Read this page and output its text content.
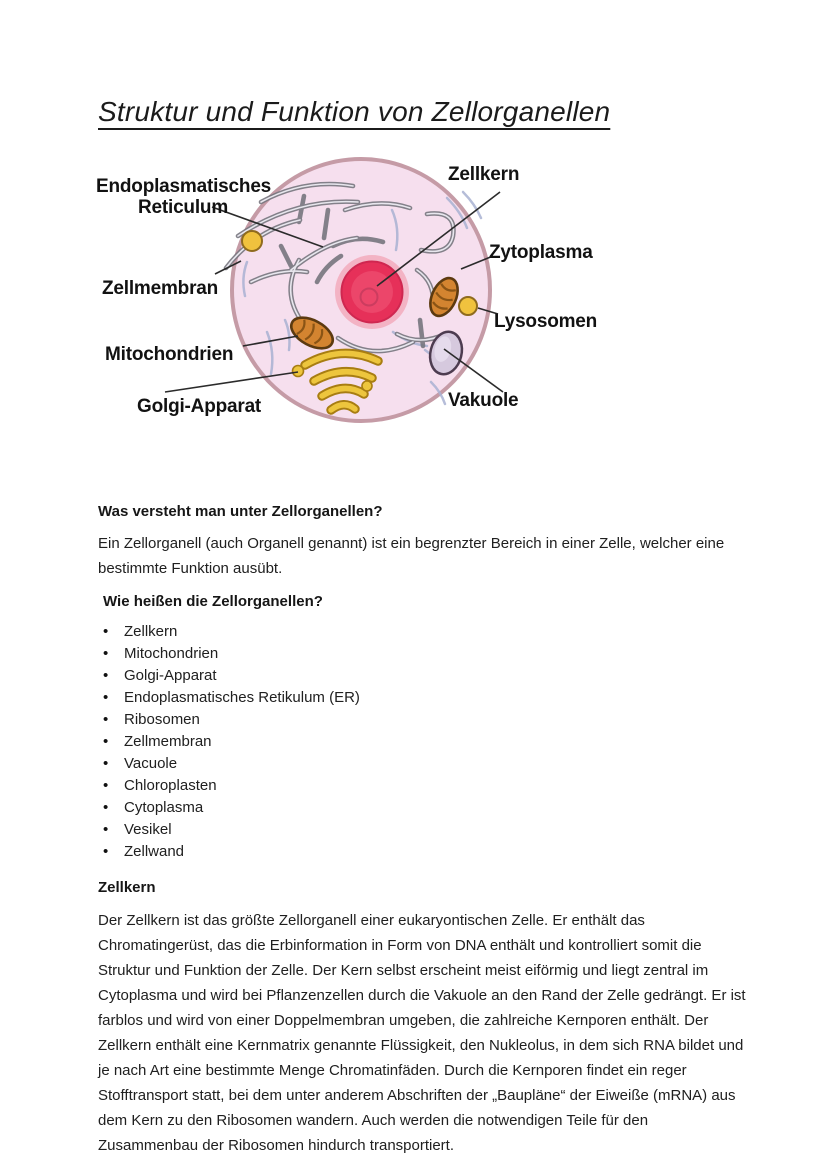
Struktur und Funktion von Zellorganellen
Endoplasmatisches
Reticulum
Zellkern
Zytoplasma
Zellmembran
Lysosomen
Mitochondrien
Golgi-Apparat	Vakuole
Was versteht man unter Zellorganellen?

Ein Zellorganell (auch Organell genannt) ist ein begrenzter Bereich in einer Zelle, welcher eine bestimmte Funktion ausübt.

Wie heißen die Zellorganellen?
• Zellkern
• Mitochondrien
• Golgi-Apparat
• Endoplasmatisches Retikulum (ER)
• Ribosomen
• Zellmembran
• Vacuole
• Chloroplasten
• Cytoplasma
• Vesikel
• Zellwand
Zellkern

Der Zellkern ist das größte Zellorganell einer eukaryontischen Zelle. Er enthält das Chromatingerüst, das die Erbinformation in Form von DNA enthält und kontrolliert somit die Struktur und Funktion der Zelle. Der Kern selbst erscheint meist eiförmig und liegt zentral im Cytoplasma und wird bei Pflanzenzellen durch die Vakuole an den Rand der Zelle gedrängt. Er ist farblos und wird von einer Doppelmembran umgeben, die zahlreiche Kernporen enthält. Der Zellkern enthält eine Kernmatrix genannte Flüssigkeit, den Nukleolus, in dem sich RNA bildet und je nach Art eine bestimmte Menge Chromatinfäden. Durch die Kernporen findet ein reger Stofftransport statt, bei dem unter anderem Abschriften der „Baupläne“ der Eiweiße (mRNA) aus dem Kern zu den Ribosomen wandern. Auch werden die notwendigen Teile für den Zusammenbau der Ribosomen hindurch transportiert.
